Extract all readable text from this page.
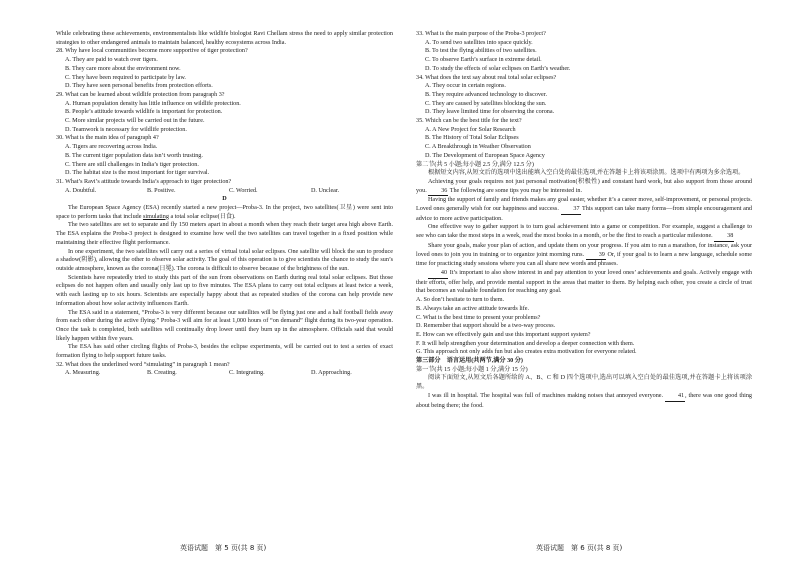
While celebrating these achievements, environmentalists like wildlife biologist Ravi Chellam stress the need to apply similar protection strategies to other endangered animals to maintain balanced, healthy ecosystems across India.

28. Why have local communities become more supportive of tiger protection?

A. They are paid to watch over tigers.

B. They care more about the environment now.

C. They have been required to participate by law.

D. They have seen personal benefits from protection efforts.

29. What can be learned about wildlife protection from paragraph 3?

A. Human population density has little influence on wildlife protection.

B. People’s attitude towards wildlife is important for protection.

C. More similar projects will be carried out in the future.

D. Teamwork is necessary for wildlife protection.

30. What is the main idea of paragraph 4?

A. Tigers are recovering across India.

B. The current tiger population data isn’t worth trusting.

C. There are still challenges in India’s tiger protection.

D. The habitat size is the most important for tiger survival.

31. What’s Ravi’s attitude towards India’s approach to tiger protection?

A. Doubtful.	B. Positive.	C. Worried.	D. Unclear.

D

The European Space Agency (ESA) recently started a new project—Proba-3. In the project, two satellites(卫星) were sent into space to perform tasks that include simulating a total solar eclipse(日食).

The two satellites are set to separate and fly 150 meters apart in about a month when they reach their target area high above Earth. The ESA explains the Proba-3 project is designed to examine how well the two satellites can travel together in a fixed position while maintaining their effective flight performance.

In one experiment, the two satellites will carry out a series of virtual total solar eclipses. One satellite will block the sun to produce a shadow(阴影), allowing the other to observe solar activity. The goal of this operation is to give scientists the chance to study the sun’s outside atmosphere, known as the corona(日冕). The corona is difficult to observe because of the brightness of the sun.

Scientists have repeatedly tried to study this part of the sun from observations on Earth during real total solar eclipses. But those eclipses do not happen often and usually only last up to five minutes. The ESA plans to carry out total eclipses at least twice a week, with each lasting up to six hours. Scientists are especially happy about that as repeated studies of the corona can help provide new information about how solar activity influences Earth.

The ESA said in a statement, “Proba-3 is very different because our satellites will be flying just one and a half football fields away from each other during the active flying.” Proba-3 will aim for at least 1,000 hours of “on demand” flight during its two-year operation. Once the task is completed, both satellites will continually drop lower until they burn up in the atmosphere. Officials said that would likely happen within five years.

The ESA has said other circling flights of Proba-3, besides the eclipse experiments, will be carried out to test a series of exact formation flying to help support future tasks.

32. What does the underlined word “simulating” in paragraph 1 mean?

A. Measuring.	B. Creating.	C. Integrating.	D. Approaching.

33. What is the main purpose of the Proba-3 project?

A. To send two satellites into space quickly.

B. To test the flying abilities of two satellites.

C. To observe Earth’s surface in extreme detail.

D. To study the effects of solar eclipses on Earth’s weather.

34. What does the text say about real total solar eclipses?

A. They occur in certain regions.

B. They require advanced technology to discover.

C. They are caused by satellites blocking the sun.

D. They leave limited time for observing the corona.

35. Which can be the best title for the text?

A. A New Project for Solar Research

B. The History of Total Solar Eclipses

C. A Breakthrough in Weather Observation

D. The Development of European Space Agency

第二节(共 5 小题;每小题 2.5 分,满分 12.5 分)

根据短文内容,从短文后的选项中选出能填入空白处的最佳选项,并在答题卡上将该项涂黑。选项中有两项为多余选项。

Achieving your goals requires not just personal motivation(积极性) and constant hard work, but also support from those around you. 36 The following are some tips you may be interested in.

Having the support of family and friends makes any goal easier, whether it’s a career move, self-improvement, or personal projects. Loved ones generally wish for our happiness and success. 37 This support can take many forms—from simple encouragement and advice to more active participation.

One effective way to gather support is to turn goal achievement into a game or competition. For example, suggest a challenge to see who can take the most steps in a week, read the most books in a month, or be the first to reach a particular milestone. 38

Share your goals, make your plan of action, and update them on your progress. If you aim to run a marathon, for instance, ask your loved ones to join you in training or to organize joint morning runs. 39 Or, if your goal is to learn a new language, schedule some time for practicing study sessions where you can all share new words and phrases.

40 It’s important to also show interest in and pay attention to your loved ones’ achievements and goals. Actively engage with their efforts, offer help, and provide mental support in the areas that matter to them. By helping each other, you create a circle of trust that becomes an valuable foundation for reaching any goal.

A. So don’t hesitate to turn to them.

B. Always take an active attitude towards life.

C. What is the best time to present your problems?

D. Remember that support should be a two-way process.

E. How can we effectively gain and use this important support system?

F. It will help strengthen your determination and develop a deeper connection with them.

G. This approach not only adds fun but also creates extra motivation for everyone related.

第三部分　语言运用(共两节,满分 30 分)

第一节(共 15 小题;每小题 1 分,满分 15 分)

阅读下面短文,从短文后各题所给的 A、B、C 和 D 四个选项中,选出可以填入空白处的最佳选项,并在答题卡上将该项涂黑。

I was ill in hospital. The hospital was full of machines making noises that annoyed everyone. 41, there was one good thing about being there; the food.

英语试题　第 5 页(共 8 页)	英语试题　第 6 页(共 8 页)
